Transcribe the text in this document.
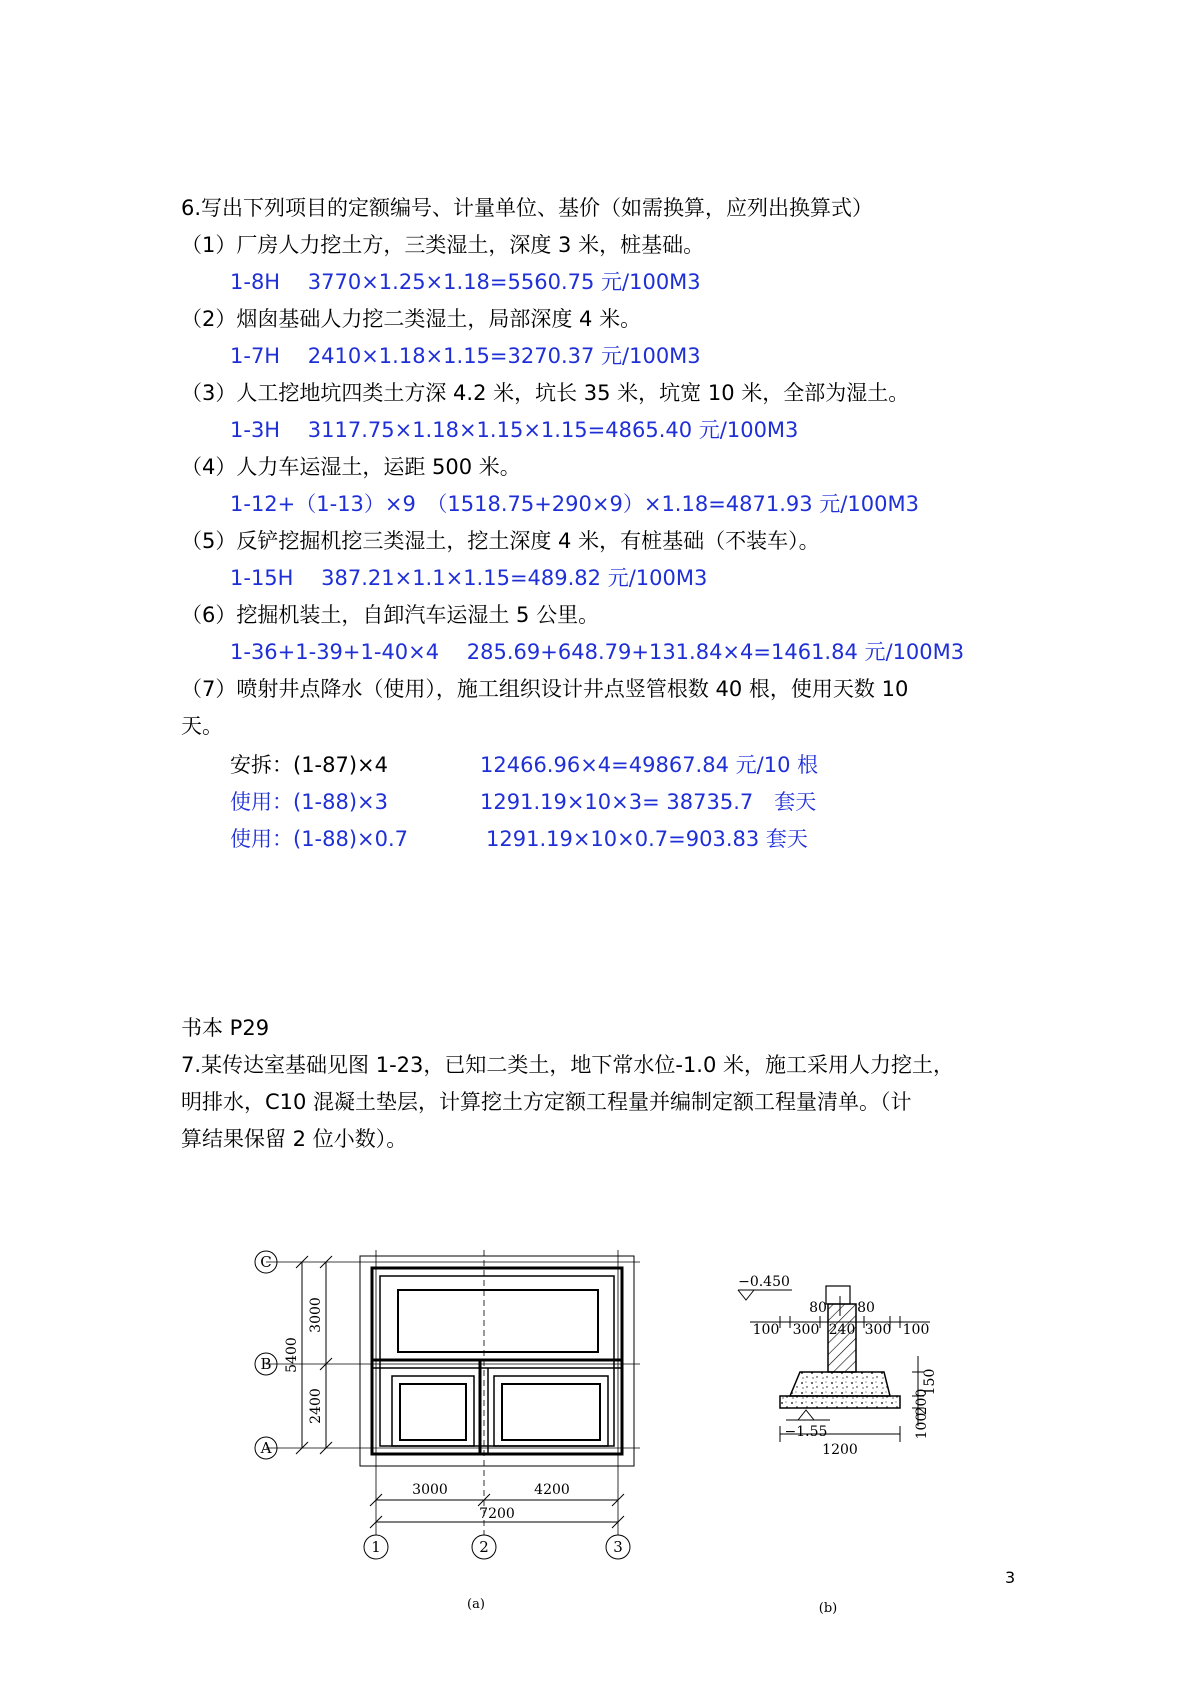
6.写出下列项目的定额编号、计量单位、基价（如需换算，应列出换算式）
（1）厂房人力挖土方，三类湿土，深度 3 米，桩基础。
1-8H　 3770×1.25×1.18=5560.75 元/100M3
（2）烟囱基础人力挖二类湿土，局部深度 4 米。
1-7H　 2410×1.18×1.15=3270.37 元/100M3
（3）人工挖地坑四类土方深 4.2 米，坑长 35 米，坑宽 10 米，全部为湿土。
1-3H　 3117.75×1.18×1.15×1.15=4865.40 元/100M3
（4）人力车运湿土，运距 500 米。
1-12+（1-13）×9　（1518.75+290×9）×1.18=4871.93 元/100M3
（5）反铲挖掘机挖三类湿土，挖土深度 4 米，有桩基础（不装车）。
1-15H　 387.21×1.1×1.15=489.82 元/100M3
（6）挖掘机装土，自卸汽车运湿土 5 公里。
1-36+1-39+1-40×4　 285.69+648.79+131.84×4=1461.84 元/100M3
（7）喷射井点降水（使用），施工组织设计井点竖管根数 40 根，使用天数 10
天。
安拆：(1-87)×4	12466.96×4=49867.84 元/10 根
使用：(1-88)×3	1291.19×10×3= 38735.7　套天
使用：(1-88)×0.7	1291.19×10×0.7=903.83 套天
书本 P29
7.某传达室基础见图 1-23，已知二类土，地下常水位-1.0 米，施工采用人力挖土，
明排水，C10 混凝土垫层，计算挖土方定额工程量并编制定额工程量清单。（计
算结果保留 2 位小数）。
C
B
A
1	2	3
5400
3000
2400
3000	4200
7200
(a)
−0.450
80 80
100 300 240 300 100
150
200
100
−1.55
1200
(b)
3
